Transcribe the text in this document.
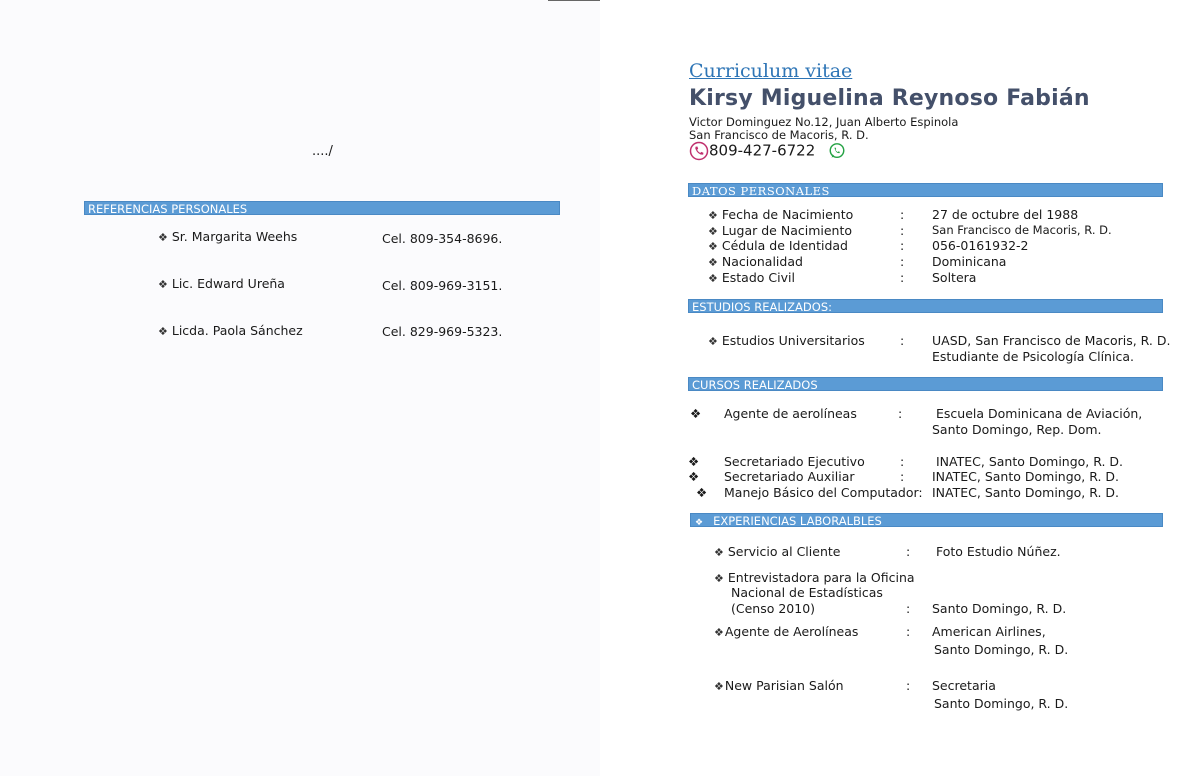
..../
REFERENCIAS PERSONALES
❖ Sr. Margarita Weehs	Cel. 809-354-8696.
❖ Lic. Edward Ureña	Cel. 809-969-3151.
❖ Licda. Paola Sánchez	Cel. 829-969-5323.
Curriculum vitae
Kirsy Miguelina Reynoso Fabián
Victor Dominguez No.12, Juan Alberto Espinola
San Francisco de Macoris, R. D.
809-427-6722
DATOS PERSONALES
❖ Fecha de Nacimiento	: 27 de octubre del 1988
❖ Lugar de Nacimiento	: San Francisco de Macoris, R. D.
❖ Cédula de Identidad	: 056-0161932-2
❖ Nacionalidad	: Dominicana
❖ Estado Civil	: Soltera
ESTUDIOS REALIZADOS:
❖ Estudios Universitarios	: UASD, San Francisco de Macoris, R. D.
Estudiante de Psicología Clínica.
CURSOS REALIZADOS
❖ Agente de aerolíneas	:	Escuela Dominicana de Aviación,
Santo Domingo, Rep. Dom.
❖ Secretariado Ejecutivo	:	INATEC, Santo Domingo, R. D.
❖ Secretariado Auxiliar	: INATEC, Santo Domingo, R. D.
❖ Manejo Básico del Computador: INATEC, Santo Domingo, R. D.
❖ EXPERIENCIAS LABORALBLES
❖ Servicio al Cliente	: Foto Estudio Núñez.
❖ Entrevistadora para la Oficina
Nacional de Estadísticas
(Censo 2010)	: Santo Domingo, R. D.
❖Agente de Aerolíneas	: American Airlines,
Santo Domingo, R. D.
❖New Parisian Salón	: Secretaria
Santo Domingo, R. D.
